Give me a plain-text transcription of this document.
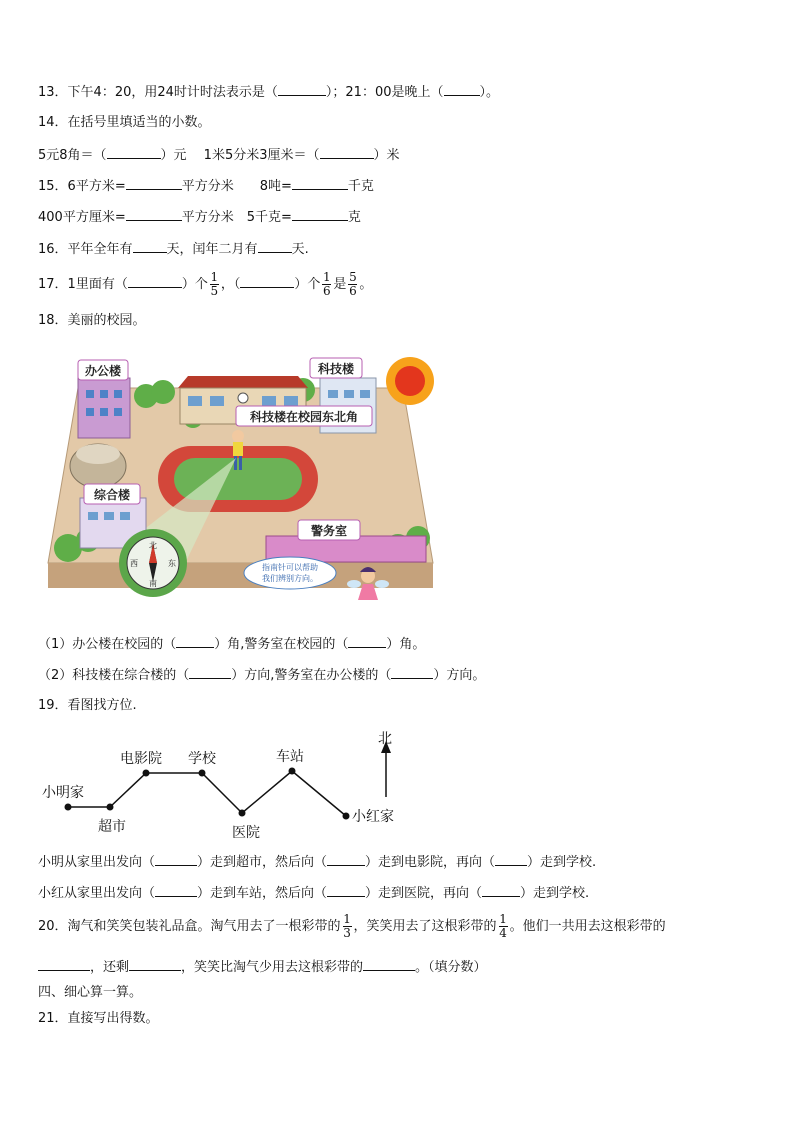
13．下午4：20，用24时计时法表示是（	）；21：00是晚上（	）。
14．在括号里填适当的小数。
5元8角＝（	）元　 1米5分米3厘米＝（	）米
15．6平方米=	平方分米　　8吨=	千克
400平方厘米=	平方分米　5千克=	克
16．平年全年有	天，闰年二月有	天.
17．1里面有（	）个 $\frac{1}{5}$ ，（	）个 $\frac{1}{6}$ 是 $\frac{5}{6}$ 。
18．美丽的校园。
办公楼	科技楼
科技楼在校园东北角
综合楼
警务室
北
南
东
西	指南针可以帮助
我们辨别方向。
（1）办公楼在校园的（	）角,警务室在校园的（	）角。
（2）科技楼在综合楼的（	）方向,警务室在办公楼的（	）方向。
19．看图找方位.
小明家
超市
电影院 学校
医院
车站
小红家
北
小明从家里出发向（	）走到超市，然后向（	）走到电影院，再向（ ）走到学校.
小红从家里出发向（	）走到车站，然后向（	）走到医院，再向（	）走到学校.
20．淘气和笑笑包装礼品盒。淘气用去了一根彩带的 $\frac{1}{3}$ ，笑笑用去了这根彩带的 $\frac{1}{4}$ 。他们一共用去这根彩带的
，还剩	，笑笑比淘气少用去这根彩带的	。（填分数）
四、细心算一算。
21．直接写出得数。
